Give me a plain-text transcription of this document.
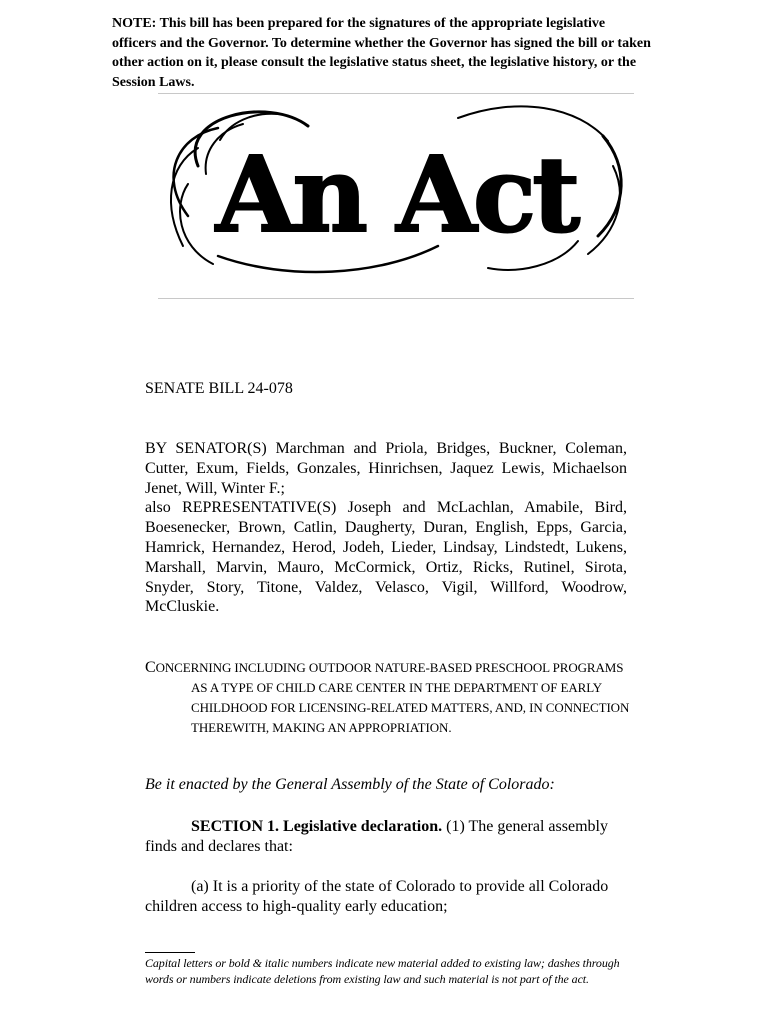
NOTE: This bill has been prepared for the signatures of the appropriate legislative officers and the Governor. To determine whether the Governor has signed the bill or taken other action on it, please consult the legislative status sheet, the legislative history, or the Session Laws.

An Act

SENATE BILL 24-078

BY SENATOR(S) Marchman and Priola, Bridges, Buckner, Coleman, Cutter, Exum, Fields, Gonzales, Hinrichsen, Jaquez Lewis, Michaelson Jenet, Will, Winter F.;

also REPRESENTATIVE(S) Joseph and McLachlan, Amabile, Bird, Boesenecker, Brown, Catlin, Daugherty, Duran, English, Epps, Garcia, Hamrick, Hernandez, Herod, Jodeh, Lieder, Lindsay, Lindstedt, Lukens, Marshall, Marvin, Mauro, McCormick, Ortiz, Ricks, Rutinel, Sirota, Snyder, Story, Titone, Valdez, Velasco, Vigil, Willford, Woodrow, McCluskie.

CONCERNING INCLUDING OUTDOOR NATURE-BASED PRESCHOOL PROGRAMS
AS A TYPE OF CHILD CARE CENTER IN THE DEPARTMENT OF EARLY
CHILDHOOD FOR LICENSING-RELATED MATTERS, AND, IN CONNECTION
THEREWITH, MAKING AN APPROPRIATION.

Be it enacted by the General Assembly of the State of Colorado:

SECTION 1. Legislative declaration. (1) The general assembly
finds and declares that:

(a) It is a priority of the state of Colorado to provide all Colorado
children access to high-quality early education;

Capital letters or bold & italic numbers indicate new material added to existing law; dashes through words or numbers indicate deletions from existing law and such material is not part of the act.
